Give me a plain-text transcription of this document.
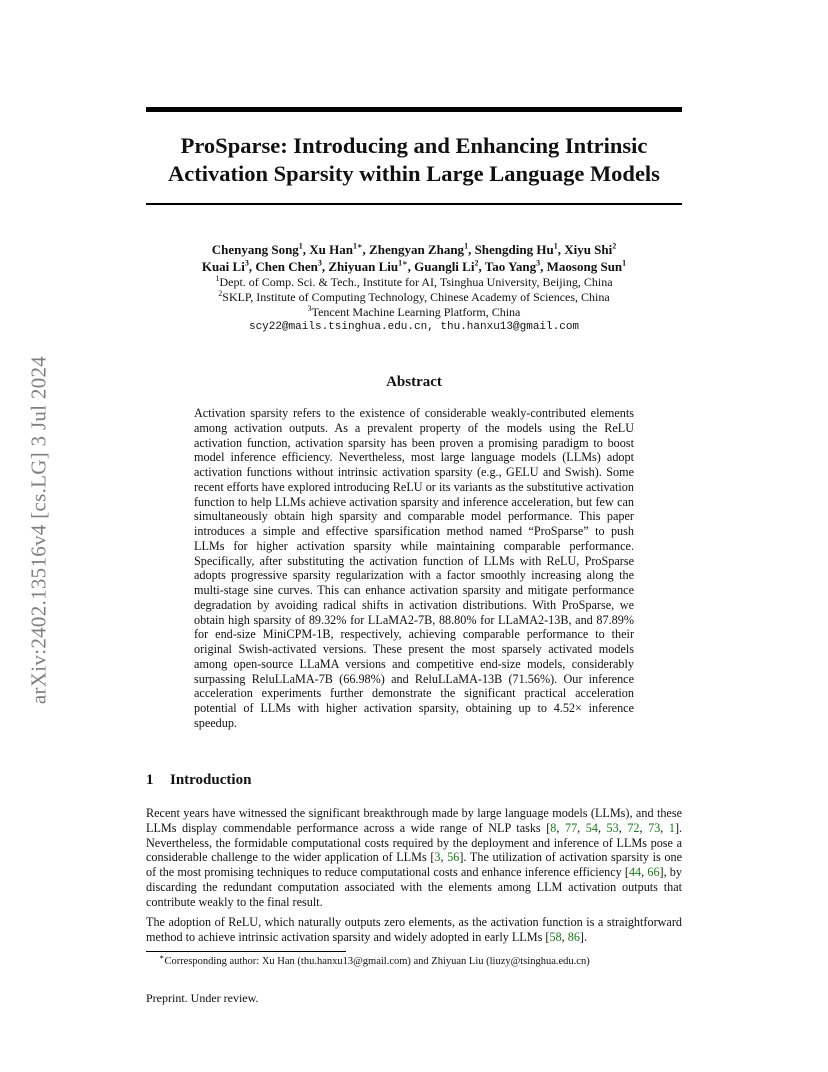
arXiv:2402.13516v4 [cs.LG] 3 Jul 2024
ProSparse: Introducing and Enhancing Intrinsic Activation Sparsity within Large Language Models
Chenyang Song$^1$, Xu Han$^{1∗}$, Zhengyan Zhang$^1$, Shengding Hu$^1$, Xiyu Shi$^2$
Kuai Li$^3$, Chen Chen$^3$, Zhiyuan Liu$^{1∗}$, Guangli Li$^2$, Tao Yang$^3$, Maosong Sun$^1$
$^1$Dept. of Comp. Sci. & Tech., Institute for AI, Tsinghua University, Beijing, China
$^2$SKLP, Institute of Computing Technology, Chinese Academy of Sciences, China
$^3$Tencent Machine Learning Platform, China
scy22@mails.tsinghua.edu.cn, thu.hanxu13@gmail.com
Abstract
Activation sparsity refers to the existence of considerable weakly-contributed elements among activation outputs. As a prevalent property of the models using the ReLU activation function, activation sparsity has been proven a promising paradigm to boost model inference efficiency. Nevertheless, most large language models (LLMs) adopt activation functions without intrinsic activation sparsity (e.g., GELU and Swish). Some recent efforts have explored introducing ReLU or its variants as the substitutive activation function to help LLMs achieve activation sparsity and inference acceleration, but few can simultaneously obtain high sparsity and comparable model performance. This paper introduces a simple and effective sparsification method named “ProSparse” to push LLMs for higher activation sparsity while maintaining comparable performance. Specifically, after substituting the activation function of LLMs with ReLU, ProSparse adopts progressive sparsity regularization with a factor smoothly increasing along the multi-stage sine curves. This can enhance activation sparsity and mitigate performance degradation by avoiding radical shifts in activation distributions. With ProSparse, we obtain high sparsity of 89.32% for LLaMA2-7B, 88.80% for LLaMA2-13B, and 87.89% for end-size MiniCPM-1B, respectively, achieving comparable performance to their original Swish-activated versions. These present the most sparsely activated models among open-source LLaMA versions and competitive end-size models, considerably surpassing ReluLLaMA-7B (66.98%) and ReluLLaMA-13B (71.56%). Our inference acceleration experiments further demonstrate the significant practical acceleration potential of LLMs with higher activation sparsity, obtaining up to 4.52× inference speedup.
1 Introduction
Recent years have witnessed the significant breakthrough made by large language models (LLMs), and these LLMs display commendable performance across a wide range of NLP tasks [8, 77, 54, 53, 72, 73, 1]. Nevertheless, the formidable computational costs required by the deployment and inference of LLMs pose a considerable challenge to the wider application of LLMs [3, 56]. The utilization of activation sparsity is one of the most promising techniques to reduce computational costs and enhance inference efficiency [44, 66], by discarding the redundant computation associated with the elements among LLM activation outputs that contribute weakly to the final result.
The adoption of ReLU, which naturally outputs zero elements, as the activation function is a straightforward method to achieve intrinsic activation sparsity and widely adopted in early LLMs [58, 86].
∗Corresponding author: Xu Han (thu.hanxu13@gmail.com) and Zhiyuan Liu (liuzy@tsinghua.edu.cn)
Preprint. Under review.
